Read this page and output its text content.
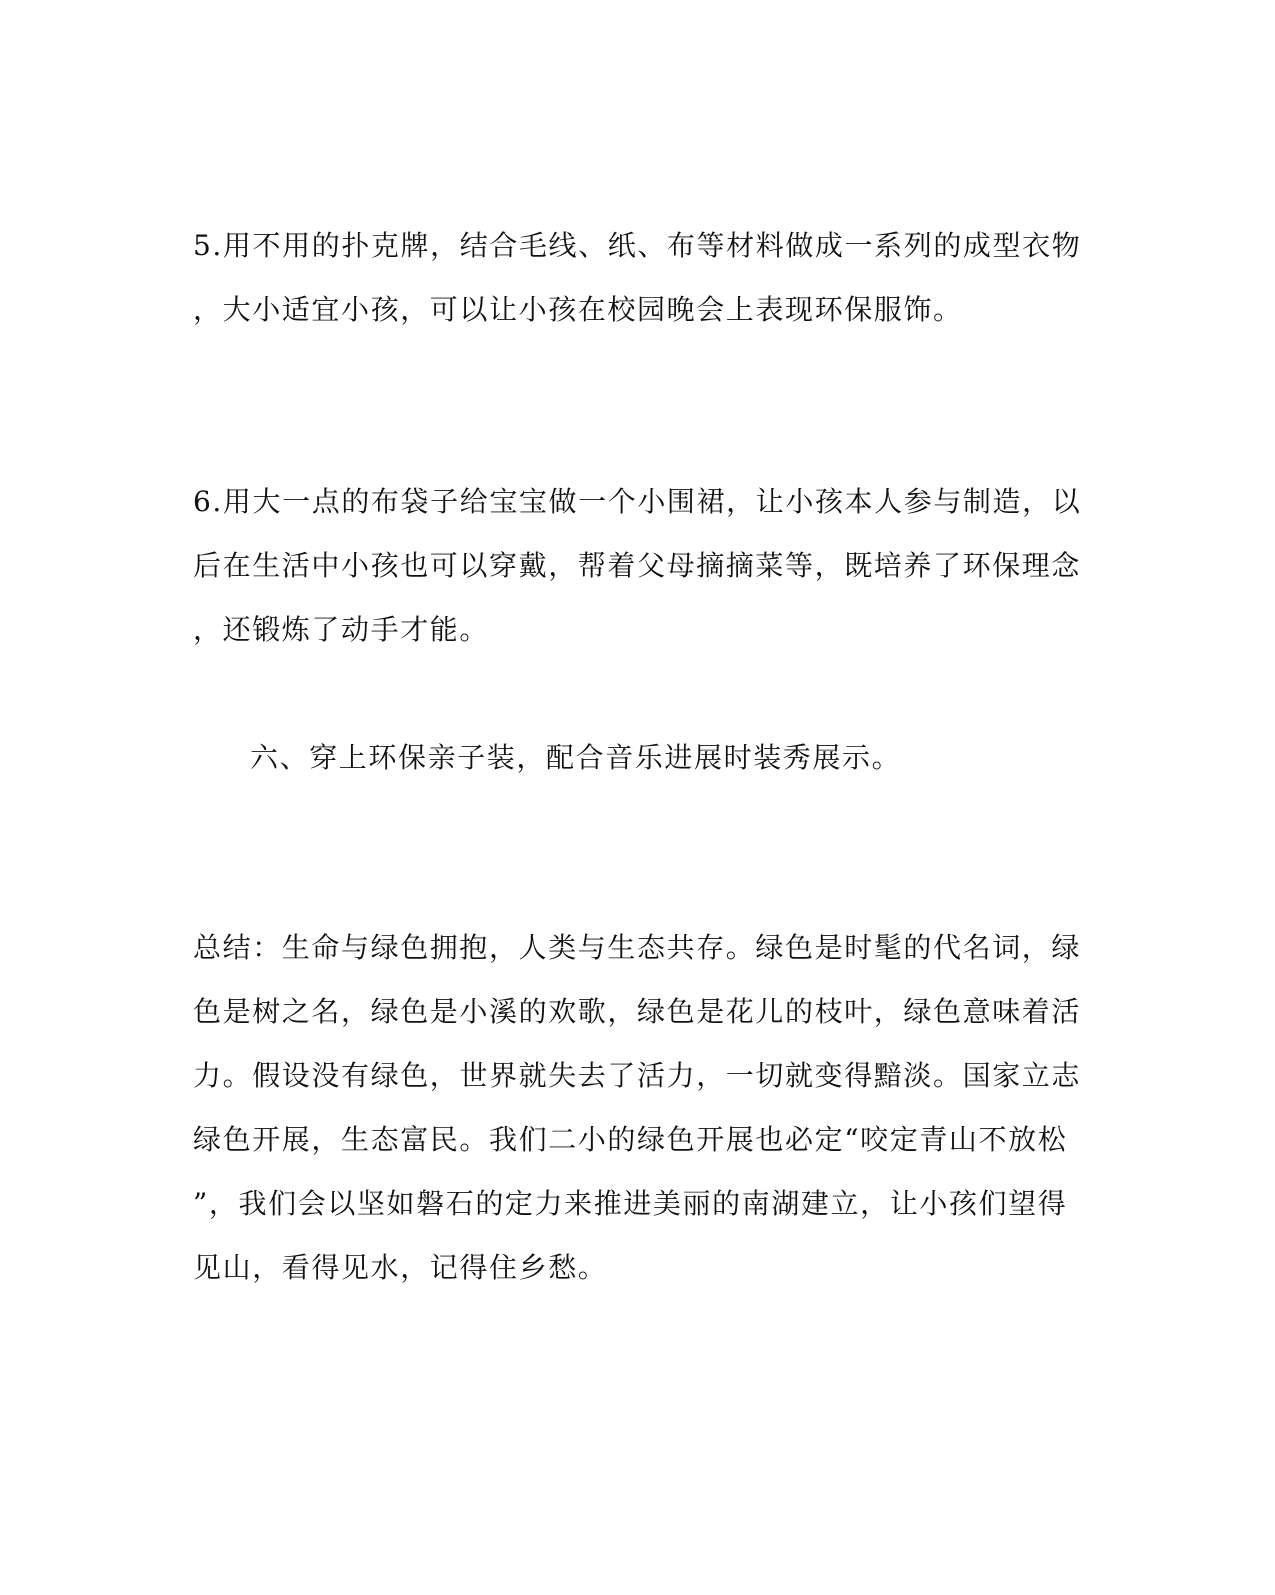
5.用不用的扑克牌，结合毛线、纸、布等材料做成一系列的成型衣物
，大小适宜小孩，可以让小孩在校园晚会上表现环保服饰。
6.用大一点的布袋子给宝宝做一个小围裙，让小孩本人参与制造，以
后在生活中小孩也可以穿戴，帮着父母摘摘菜等，既培养了环保理念
，还锻炼了动手才能。
六、穿上环保亲子装，配合音乐进展时装秀展示。
总结：生命与绿色拥抱，人类与生态共存。绿色是时髦的代名词，绿
色是树之名，绿色是小溪的欢歌，绿色是花儿的枝叶，绿色意味着活
力。假设没有绿色，世界就失去了活力，一切就变得黯淡。国家立志
绿色开展，生态富民。我们二小的绿色开展也必定“咬定青山不放松
”，我们会以坚如磐石的定力来推进美丽的南湖建立，让小孩们望得
见山，看得见水，记得住乡愁。
